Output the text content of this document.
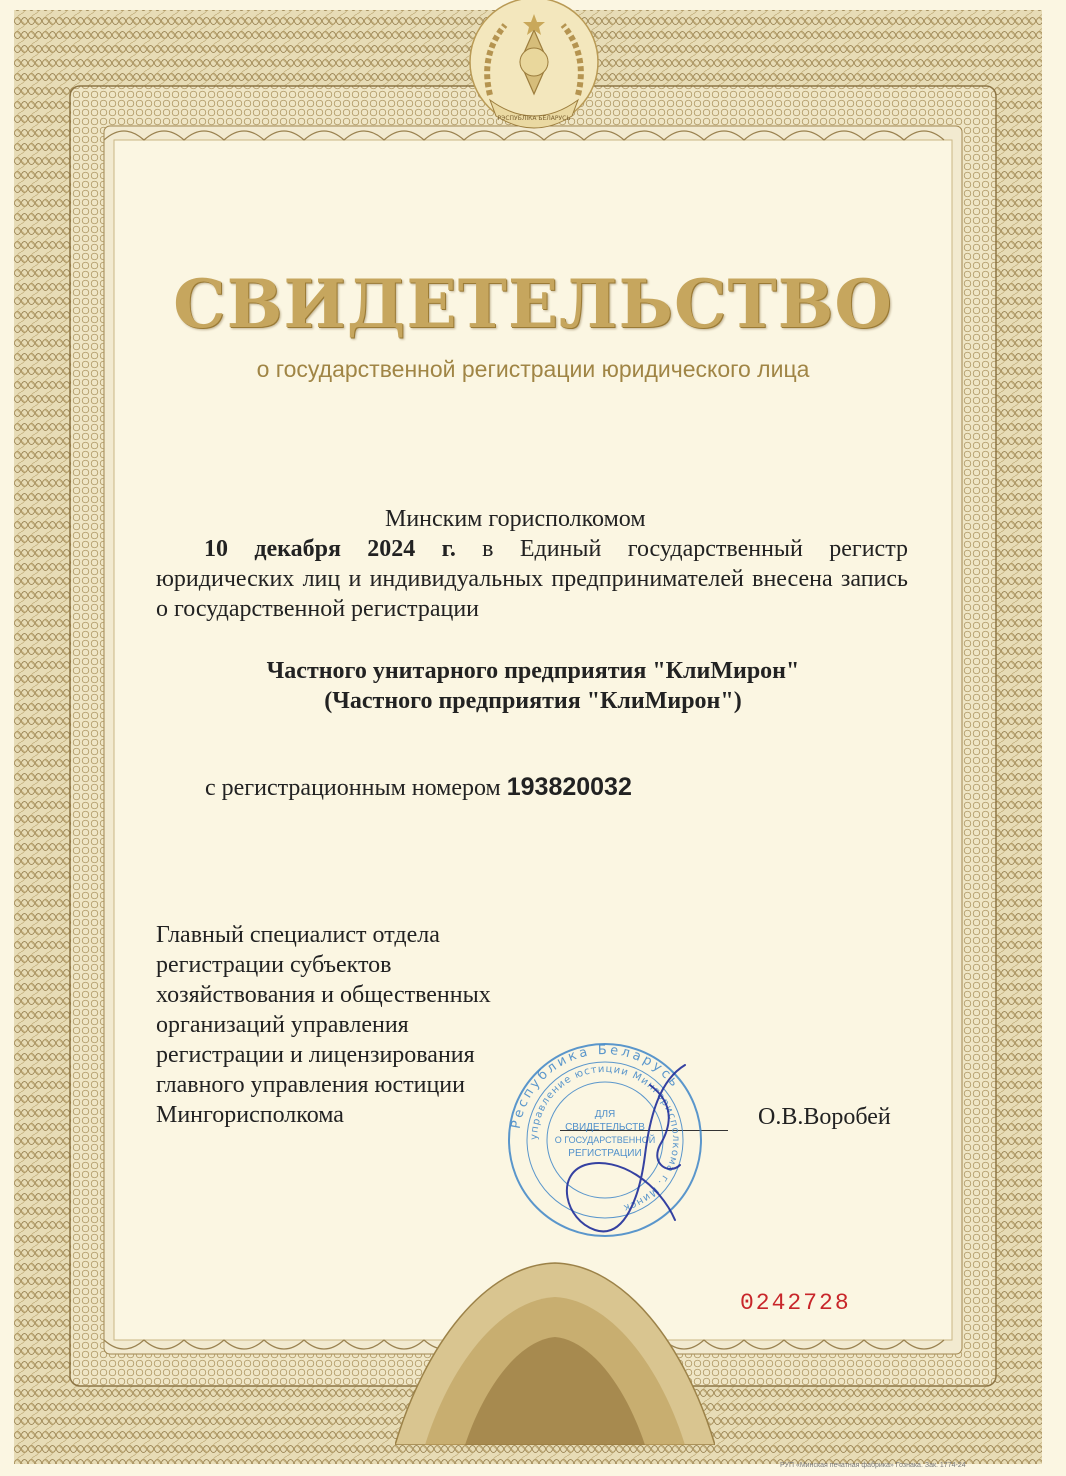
РЭСПУБЛІКА БЕЛАРУСЬ
СВИДЕТЕЛЬСТВО
о государственной регистрации юридического лица
Минским горисполкомом
10 декабря 2024 г. в Единый государственный регистр юридических лиц и индивидуальных предпринимателей внесена запись о государственной регистрации
Частного унитарного предприятия "КлиМирон"
(Частного предприятия "КлиМирон")
с регистрационным номером 193820032
Главный специалист отдела
регистрации субъектов
хозяйствования и общественных
организаций управления
регистрации и лицензирования
главного управления юстиции
Мингорисполкома	О.В.Воробей
Республика Беларусь
управление юстиции Мингорисполкома г. Минск
ДЛЯ
СВИДЕТЕЛЬСТВ
О ГОСУДАРСТВЕННОЙ
РЕГИСТРАЦИИ
0242728
РУП «Минская печатная фабрика» Гознака. Зак. 1774-24
